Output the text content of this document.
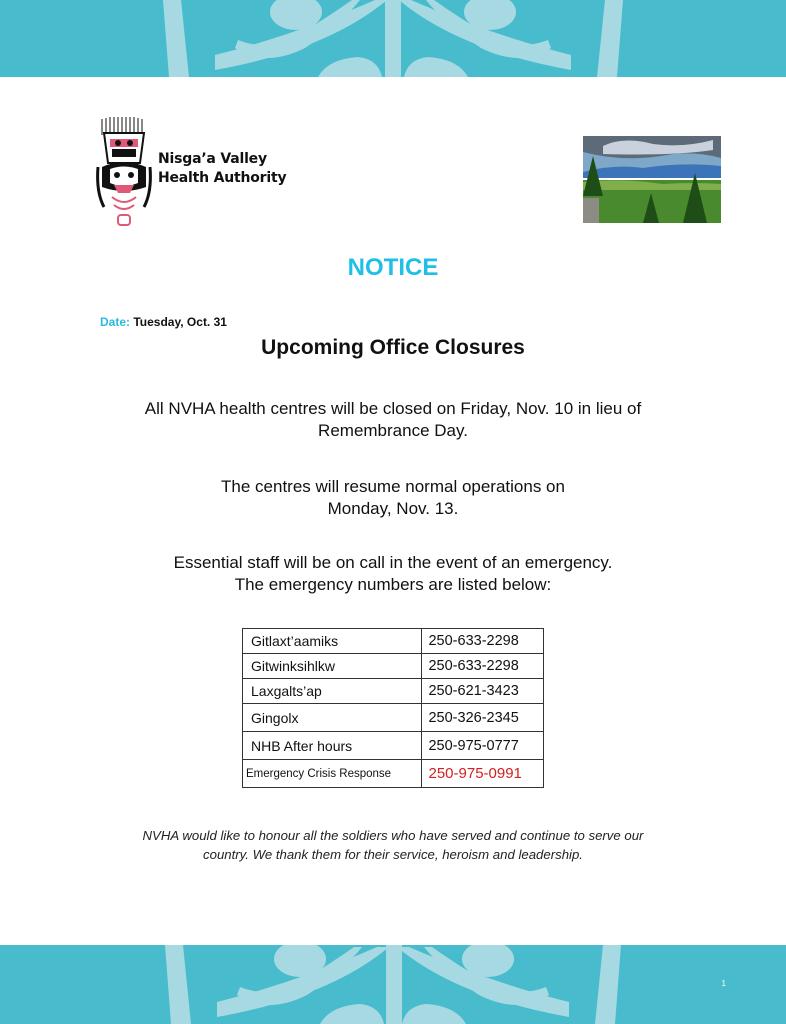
Nisga’a Valley
Health Authority
NOTICE
Date: Tuesday, Oct. 31
Upcoming Office Closures
All NVHA health centres will be closed on Friday, Nov. 10 in lieu of
Remembrance Day.
The centres will resume normal operations on
Monday, Nov. 13.
Essential staff will be on call in the event of an emergency.
The emergency numbers are listed below:
Gitlaxt’aamiks	250-633-2298
Gitwinksihlkw	250-633-2298
Laxgalts’ap	250-621-3423
Gingolx	250-326-2345
NHB After hours	250-975-0777
Emergency Crisis Response	250-975-0991
NVHA would like to honour all the soldiers who have served and continue to serve our
country. We thank them for their service, heroism and leadership.
1
